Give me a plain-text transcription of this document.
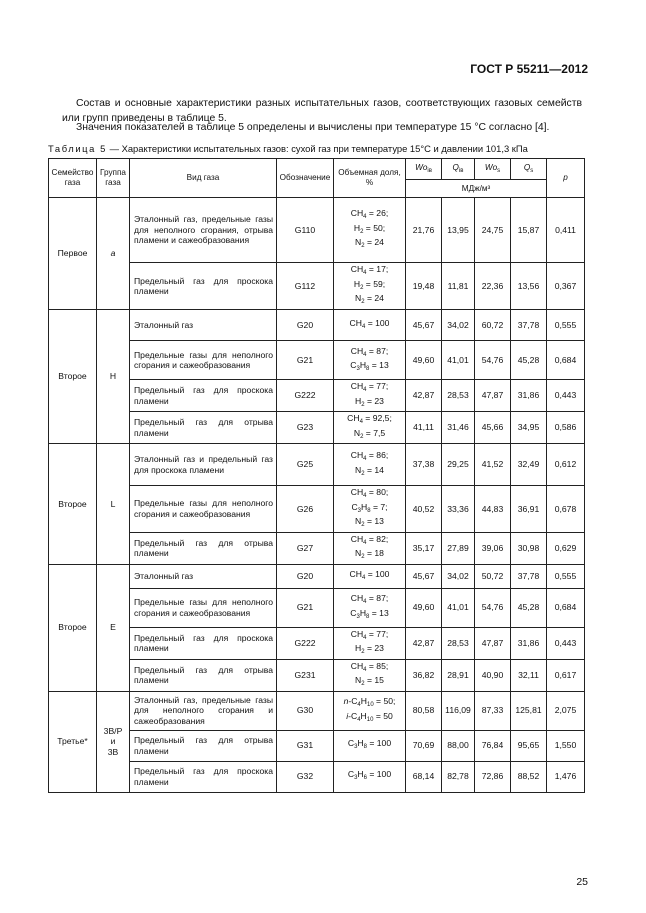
ГОСТ Р 55211—2012
Состав и основные характеристики разных испытательных газов, соответствующих газовых семейств или групп приведены в таблице 5.
Значения показателей в таблице 5 определены и вычислены при температуре 15 °С согласно [4].
Таблица 5 — Характеристики испытательных газов: сухой газ при температуре 15°С и давлении 101,3 кПа
Семейство газа	Группа газа	Вид газа	Обозначение	Объемная доля, %	$Wo_{iв}$	$Q_{iв}$	$Wo_s$	$Q_s$	p
					МДж/м³				
Первое	a	Эталонный газ, предельные газы для неполного сгорания, отрыва пламени и сажеобразования	G110	$CH_4 = 26$;
$H_2 = 50$;
$N_2 = 24$	21,76	13,95	24,75	15,87	0,411
		Предельный газ для проскока пламени	G112	$CH_4 = 17$;
$H_2 = 59$;
$N_2 = 24$	19,48	11,81	22,36	13,56	0,367
Второе	H	Эталонный газ	G20	$CH_4 = 100$	45,67	34,02	60,72	37,78	0,555
		Предельные газы для неполного сгорания и сажеобразования	G21	$CH_4 = 87$;
$C_3H_8 = 13$	49,60	41,01	54,76	45,28	0,684
		Предельный газ для проскока пламени	G222	$CH_4 = 77$;
$H_2 = 23$	42,87	28,53	47,87	31,86	0,443
		Предельный газ для отрыва пламени	G23	$CH_4 = 92,5$;
$N_2 = 7,5$	41,11	31,46	45,66	34,95	0,586
Второе	L	Эталонный газ и предельный газ для проскока пламени	G25	$CH_4 = 86$;
$N_2 = 14$	37,38	29,25	41,52	32,49	0,612
		Предельные газы для неполного сгорания и сажеобразования	G26	$CH_4 = 80$;
$C_3H_8 = 7$;
$N_2 = 13$	40,52	33,36	44,83	36,91	0,678
		Предельный газ для отрыва пламени	G27	$CH_4 = 82$;
$N_2 = 18$	35,17	27,89	39,06	30,98	0,629
Второе	E	Эталонный газ	G20	$CH_4 = 100$	45,67	34,02	50,72	37,78	0,555
		Предельные газы для неполного сгорания и сажеобразования	G21	$CH_4 = 87$;
$C_3H_8 = 13$	49,60	41,01	54,76	45,28	0,684
		Предельный газ для проскока пламени	G222	$CH_4 = 77$;
$H_2 = 23$	42,87	28,53	47,87	31,86	0,443
		Предельный газ для отрыва пламени	G231	$CH_4 = 85$;
$N_2 = 15$	36,82	28,91	40,90	32,11	0,617
Третье*	3B/P и 3B	Эталонный газ, предельные газы для неполного сгорания и сажеобразования	G30	$n-C_4H_{10} = 50$;
$i-C_4H_{10} = 50$	80,58	116,09	87,33	125,81	2,075
		Предельный газ для отрыва пламени	G31	$C_3H_8 = 100$	70,69	88,00	76,84	95,65	1,550
		Предельный газ для проскока пламени	G32	$C_3H_6 = 100$	68,14	82,78	72,86	88,52	1,476
25
